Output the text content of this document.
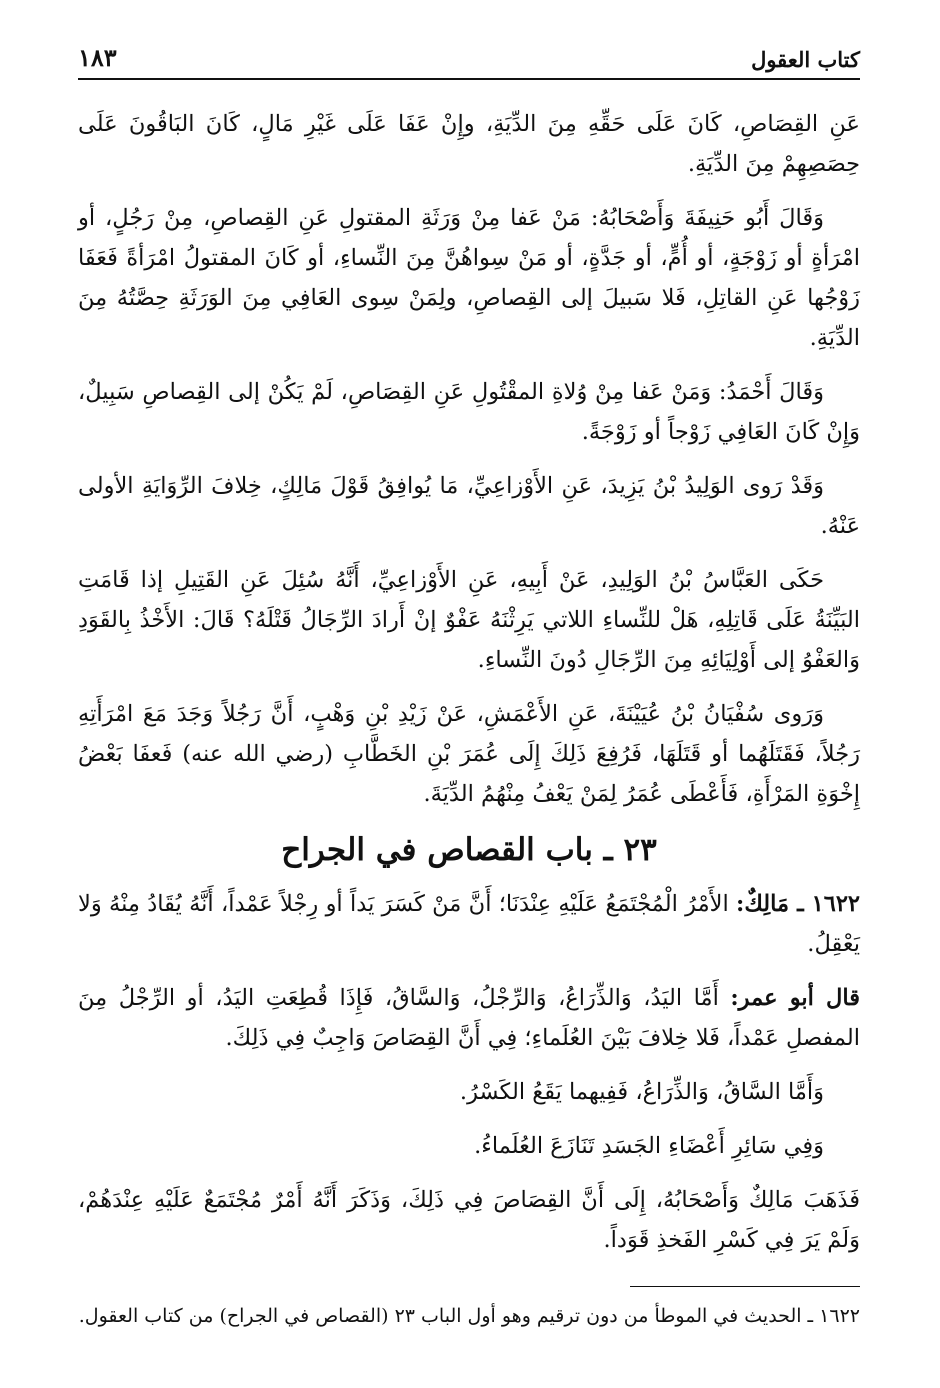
كتاب العقول
١٨٣

عَنِ القِصَاصِ، كَانَ عَلَى حَقِّهِ مِنَ الدِّيَةِ، وإِنْ عَفَا عَلَى غَيْرِ مَالٍ، كَانَ البَاقُونَ عَلَى حِصَصِهِمْ مِنَ الدِّيَةِ.

وَقَالَ أَبُو حَنِيفَةَ وَأَصْحَابُهُ: مَنْ عَفا مِنْ وَرَثَةِ المقتولِ عَنِ القِصاصِ، مِنْ رَجُلٍ، أو امْرَأةٍ أو زَوْجَةٍ، أو أُمٍّ، أو جَدَّةٍ، أو مَنْ سِواهُنَّ مِنَ النِّساءِ، أو كَانَ المقتولُ امْرَأةً فَعَفَا زَوْجُها عَنِ القاتِلِ، فَلا سَبيلَ إلى القِصاصِ، ولِمَنْ سِوى العَافِي مِنَ الوَرَثَةِ حِصَّتُهُ مِنَ الدِّيَةِ.

وَقَالَ أَحْمَدُ: وَمَنْ عَفا مِنْ وُلاةِ المقْتُولِ عَنِ القِصَاصِ، لَمْ يَكُنْ إلى القِصاصِ سَبِيلٌ، وَإِنْ كَانَ العَافِي زَوْجاً أو زَوْجَةً.

وَقَدْ رَوى الوَلِيدُ بْنُ يَزِيدَ، عَنِ الأَوْزاعِيِّ، مَا يُوافِقُ قَوْلَ مَالِكٍ، خِلافَ الرِّوَايَةِ الأولى عَنْهُ.

حَكَى العَبَّاسُ بْنُ الوَلِيدِ، عَنْ أَبِيهِ، عَنِ الأَوْزاعِيِّ، أَنَّهُ سُئِلَ عَنِ القَتِيلِ إذا قَامَتِ البَيِّنَةُ عَلَى قَاتِلِهِ، هَلْ للنِّساءِ اللاتي يَرِثْنَهُ عَفْوٌ إنْ أَرادَ الرِّجَالُ قَتْلَهُ؟ قَالَ: الأَخْذُ بِالقَوَدِ وَالعَفْوُ إلى أَوْلِيَائِهِ مِنَ الرِّجَالِ دُونَ النِّساءِ.

وَرَوى سُفْيَانُ بْنُ عُيَيْنَةَ، عَنِ الأَعْمَشِ، عَنْ زَيْدِ بْنِ وَهْبٍ، أَنَّ رَجُلاً وَجَدَ مَعَ امْرَأَتِهِ رَجُلاً، فَقَتَلَهُما أو قَتَلَهَا، فَرُفِعَ ذَلِكَ إِلَى عُمَرَ بْنِ الخَطَّابِ (رضي الله عنه) فَعفَا بَعْضُ إِخْوَةِ المَرْأَةِ، فَأَعْطَى عُمَرُ لِمَنْ يَعْفُ مِنْهُمُ الدِّيَةَ.

٢٣ ـ باب القصاص في الجراح

١٦٢٢ ـ مَالِكٌ: الأَمْرُ الْمُجْتَمَعُ عَلَيْهِ عِنْدَنَا؛ أَنَّ مَنْ كَسَرَ يَداً أو رِجْلاً عَمْداً، أَنَّهُ يُقَادُ مِنْهُ وَلا يَعْقِلُ.

قال أبو عمر: أَمَّا اليَدُ، وَالذِّرَاعُ، وَالرِّجْلُ، وَالسَّاقُ، فَإِذَا قُطِعَتِ اليَدُ، أو الرِّجْلُ مِنَ المفصلِ عَمْداً، فَلا خِلافَ بَيْنَ العُلَماءِ؛ فِي أَنَّ القِصَاصَ وَاجِبٌ فِي ذَلِكَ.

وَأَمَّا السَّاقُ، وَالذِّرَاعُ، فَفِيهما يَقَعُ الكَسْرُ.

وَفِي سَائِرِ أَعْضَاءِ الجَسَدِ تَنَازَعَ العُلَماءُ.

فَذَهَبَ مَالِكٌ وَأَصْحَابُهُ، إِلَى أَنَّ القِصَاصَ فِي ذَلِكَ، وَذَكَرَ أَنَّهُ أَمْرٌ مُجْتَمَعٌ عَلَيْهِ عِنْدَهُمْ، وَلَمْ يَرَ فِي كَسْرِ الفَخذِ قَوَداً.

١٦٢٢ ـ الحديث في الموطأ من دون ترقيم وهو أول الباب ٢٣ (القصاص في الجراح) من كتاب العقول.
